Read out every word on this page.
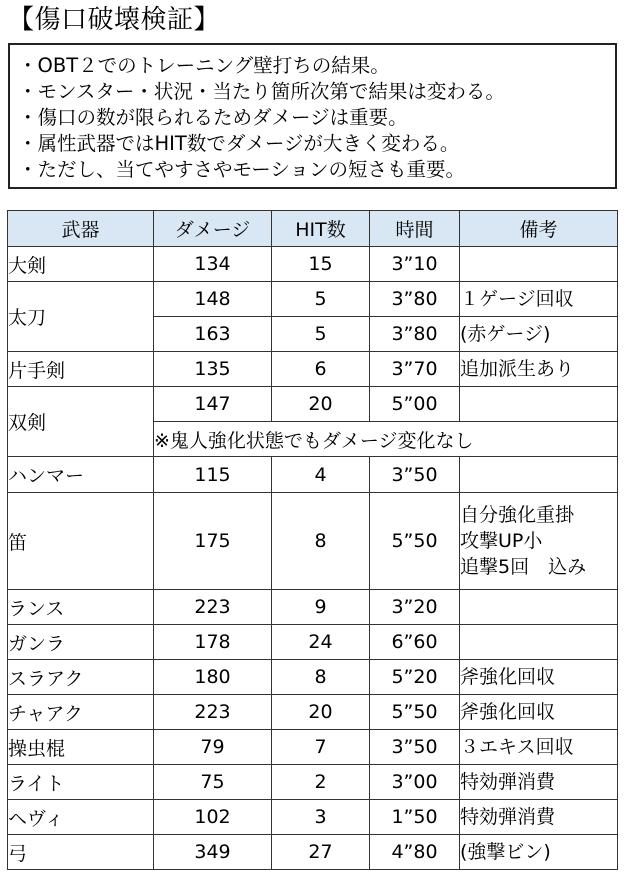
【傷口破壊検証】
・OBT２でのトレーニング壁打ちの結果。
・モンスター・状況・当たり箇所次第で結果は変わる。
・傷口の数が限られるためダメージは重要。
・属性武器ではHIT数でダメージが大きく変わる。
・ただし、当てやすさやモーションの短さも重要。
武器	ダメージ	HIT数	時間	備考
大剣	134	15	3”10	
太刀	148	5	3”80	１ゲージ回収
	163	5	3”80	(赤ゲージ)
片手剣	135	6	3”70	追加派生あり
双剣	147	20	5”00	
	※鬼人強化状態でもダメージ変化なし			
ハンマー	115	4	3”50	
笛	175	8	5”50	自分強化重掛
攻撃UP小
追撃5回　込み

ランス	223	9	3”20	
ガンラ	178	24	6”60	
スラアク	180	8	5”20	斧強化回収
チャアク	223	20	5”50	斧強化回収
操虫棍	79	7	3”50	３エキス回収
ライト	75	2	3”00	特効弾消費
ヘヴィ	102	3	1”50	特効弾消費
弓	349	27	4”80	(強撃ビン)
